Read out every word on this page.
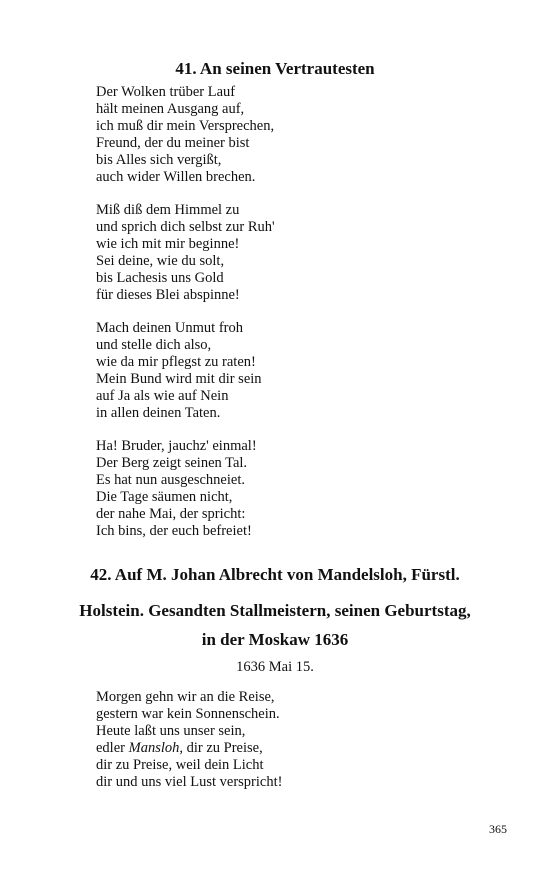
41. An seinen Vertrautesten
Der Wolken trüber Lauf
hält meinen Ausgang auf,
ich muß dir mein Versprechen,
Freund, der du meiner bist
bis Alles sich vergißt,
auch wider Willen brechen.
Miß diß dem Himmel zu
und sprich dich selbst zur Ruh'
wie ich mit mir beginne!
Sei deine, wie du solt,
bis Lachesis uns Gold
für dieses Blei abspinne!
Mach deinen Unmut froh
und stelle dich also,
wie da mir pflegst zu raten!
Mein Bund wird mit dir sein
auf Ja als wie auf Nein
in allen deinen Taten.
Ha! Bruder, jauchz' einmal!
Der Berg zeigt seinen Tal.
Es hat nun ausgeschneiet.
Die Tage säumen nicht,
der nahe Mai, der spricht:
Ich bins, der euch befreiet!
42. Auf M. Johan Albrecht von Mandelsloh, Fürstl.
Holstein. Gesandten Stallmeistern, seinen Geburtstag,
in der Moskaw 1636
1636 Mai 15.
Morgen gehn wir an die Reise,
gestern war kein Sonnenschein.
Heute laßt uns unser sein,
edler Mansloh, dir zu Preise,
dir zu Preise, weil dein Licht
dir und uns viel Lust verspricht!
365
